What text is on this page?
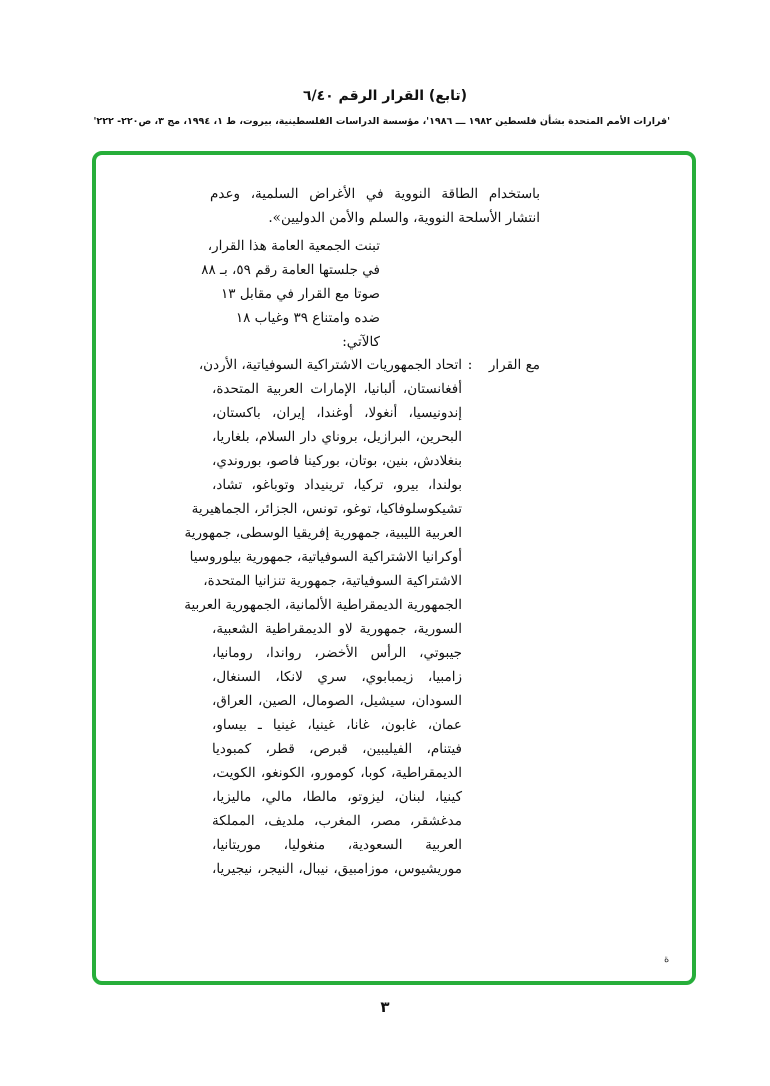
(تابع) القرار الرقم ٦/٤٠
'قرارات الأمم المتحدة بشأن فلسطين ١٩٨٢ ـــ ١٩٨٦'، مؤسسة الدراسات الفلسطينية، بيروت، ط ١، ١٩٩٤، مج ٣، ص٢٢٠- ٢٢٢'

باستخدام الطاقة النووية في الأغراض السلمية، وعدم انتشار الأسلحة النووية، والسلم والأمن الدوليين».

تبنت الجمعية العامة هذا القرار،
في جلستها العامة رقم ٥٩، بـ ٨٨
صوتا مع القرار في مقابل ١٣
ضده وامتناع ٣٩ وغياب ١٨
كالآتي:
مع القرار
:
اتحاد الجمهوريات الاشتراكية السوفياتية، الأردن،
أفغانستان، ألبانيا، الإمارات العربية المتحدة،
إندونيسيا، أنغولا، أوغندا، إيران، باكستان،
البحرين، البرازيل، بروناي دار السلام، بلغاريا،
بنغلادش، بنين، بوتان، بوركينا فاصو، بوروندي،
بولندا، بيرو، تركيا، ترينيداد وتوباغو، تشاد،
تشيكوسلوفاكيا، توغو، تونس، الجزائر، الجماهيرية
العربية الليبية، جمهورية إفريقيا الوسطى، جمهورية
أوكرانيا الاشتراكية السوفياتية، جمهورية بيلوروسيا
الاشتراكية السوفياتية، جمهورية تنزانيا المتحدة،
الجمهورية الديمقراطية الألمانية، الجمهورية العربية
السورية، جمهورية لاو الديمقراطية الشعبية،
جيبوتي، الرأس الأخضر، رواندا، رومانيا،
زامبيا، زيمبابوي، سري لانكا، السنغال،
السودان، سيشيل، الصومال، الصين، العراق،
عمان، غابون، غانا، غينيا، غينيا ـ بيساو،
فيتنام، الفيليبين، قبرص، قطر، كمبوديا
الديمقراطية، كوبا، كومورو، الكونغو، الكويت،
كينيا، لبنان، ليزوتو، مالطا، مالي، ماليزيا،
مدغشقر، مصر، المغرب، ملديف، المملكة
العربية السعودية، منغوليا، موريتانيا،
موريشيوس، موزامبيق، نيبال، النيجر، نيجيريا،
ة
٣
